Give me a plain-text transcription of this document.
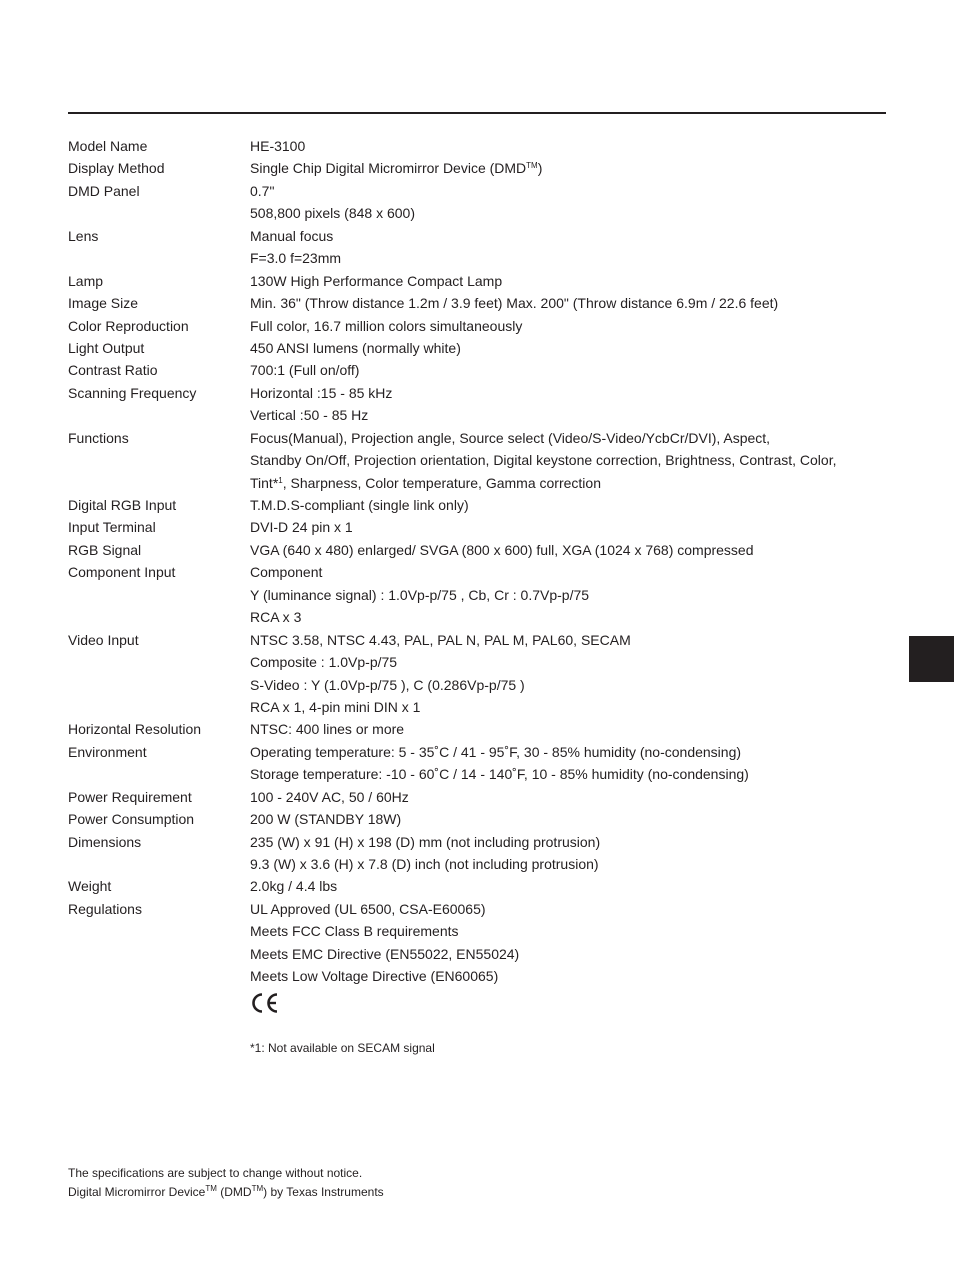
Model Name	HE-3100
Display Method	Single Chip Digital Micromirror Device (DMD™)
DMD Panel	0.7"
508,800 pixels (848 x 600)
Lens	Manual focus
F=3.0 f=23mm
Lamp	130W High Performance Compact Lamp
Image Size	Min. 36" (Throw distance 1.2m / 3.9 feet) Max. 200" (Throw distance 6.9m / 22.6 feet)
Color Reproduction	Full color, 16.7 million colors simultaneously
Light Output	450 ANSI lumens (normally white)
Contrast Ratio	700:1 (Full on/off)
Scanning Frequency	Horizontal :15 - 85 kHz
Vertical :50 - 85 Hz
Functions	Focus(Manual), Projection angle, Source select (Video/S-Video/YcbCr/DVI), Aspect,
Standby On/Off, Projection orientation, Digital keystone correction, Brightness, Contrast, Color,
Tint*$^1$, Sharpness, Color temperature, Gamma correction
Digital RGB Input	T.M.D.S-compliant (single link only)
Input Terminal	DVI-D 24 pin x 1
RGB Signal	VGA (640 x 480) enlarged/ SVGA (800 x 600) full, XGA (1024 x 768) compressed
Component Input	Component
Y (luminance signal) : 1.0Vp-p/75 , Cb, Cr : 0.7Vp-p/75
RCA x 3
Video Input	NTSC 3.58, NTSC 4.43, PAL, PAL N, PAL M, PAL60, SECAM
Composite : 1.0Vp-p/75
S-Video : Y (1.0Vp-p/75 ), C (0.286Vp-p/75 )
RCA x 1, 4-pin mini DIN x 1
Horizontal Resolution	NTSC: 400 lines or more
Environment	Operating temperature: 5 - 35˚C / 41 - 95˚F, 30 - 85% humidity (no-condensing)
Storage temperature: -10 - 60˚C / 14 - 140˚F, 10 - 85% humidity (no-condensing)
Power Requirement	100 - 240V AC, 50 / 60Hz
Power Consumption	200 W (STANDBY 18W)
Dimensions	235 (W) x 91 (H) x 198 (D) mm (not including protrusion)
9.3 (W) x 3.6 (H) x 7.8 (D) inch (not including protrusion)
Weight	2.0kg / 4.4 lbs
Regulations	UL Approved (UL 6500, CSA-E60065)
Meets FCC Class B requirements
Meets EMC Directive (EN55022, EN55024)
Meets Low Voltage Directive (EN60065)
*1: Not available on SECAM signal
The specifications are subject to change without notice.
Digital Micromirror Device™ (DMD™) by Texas Instruments
